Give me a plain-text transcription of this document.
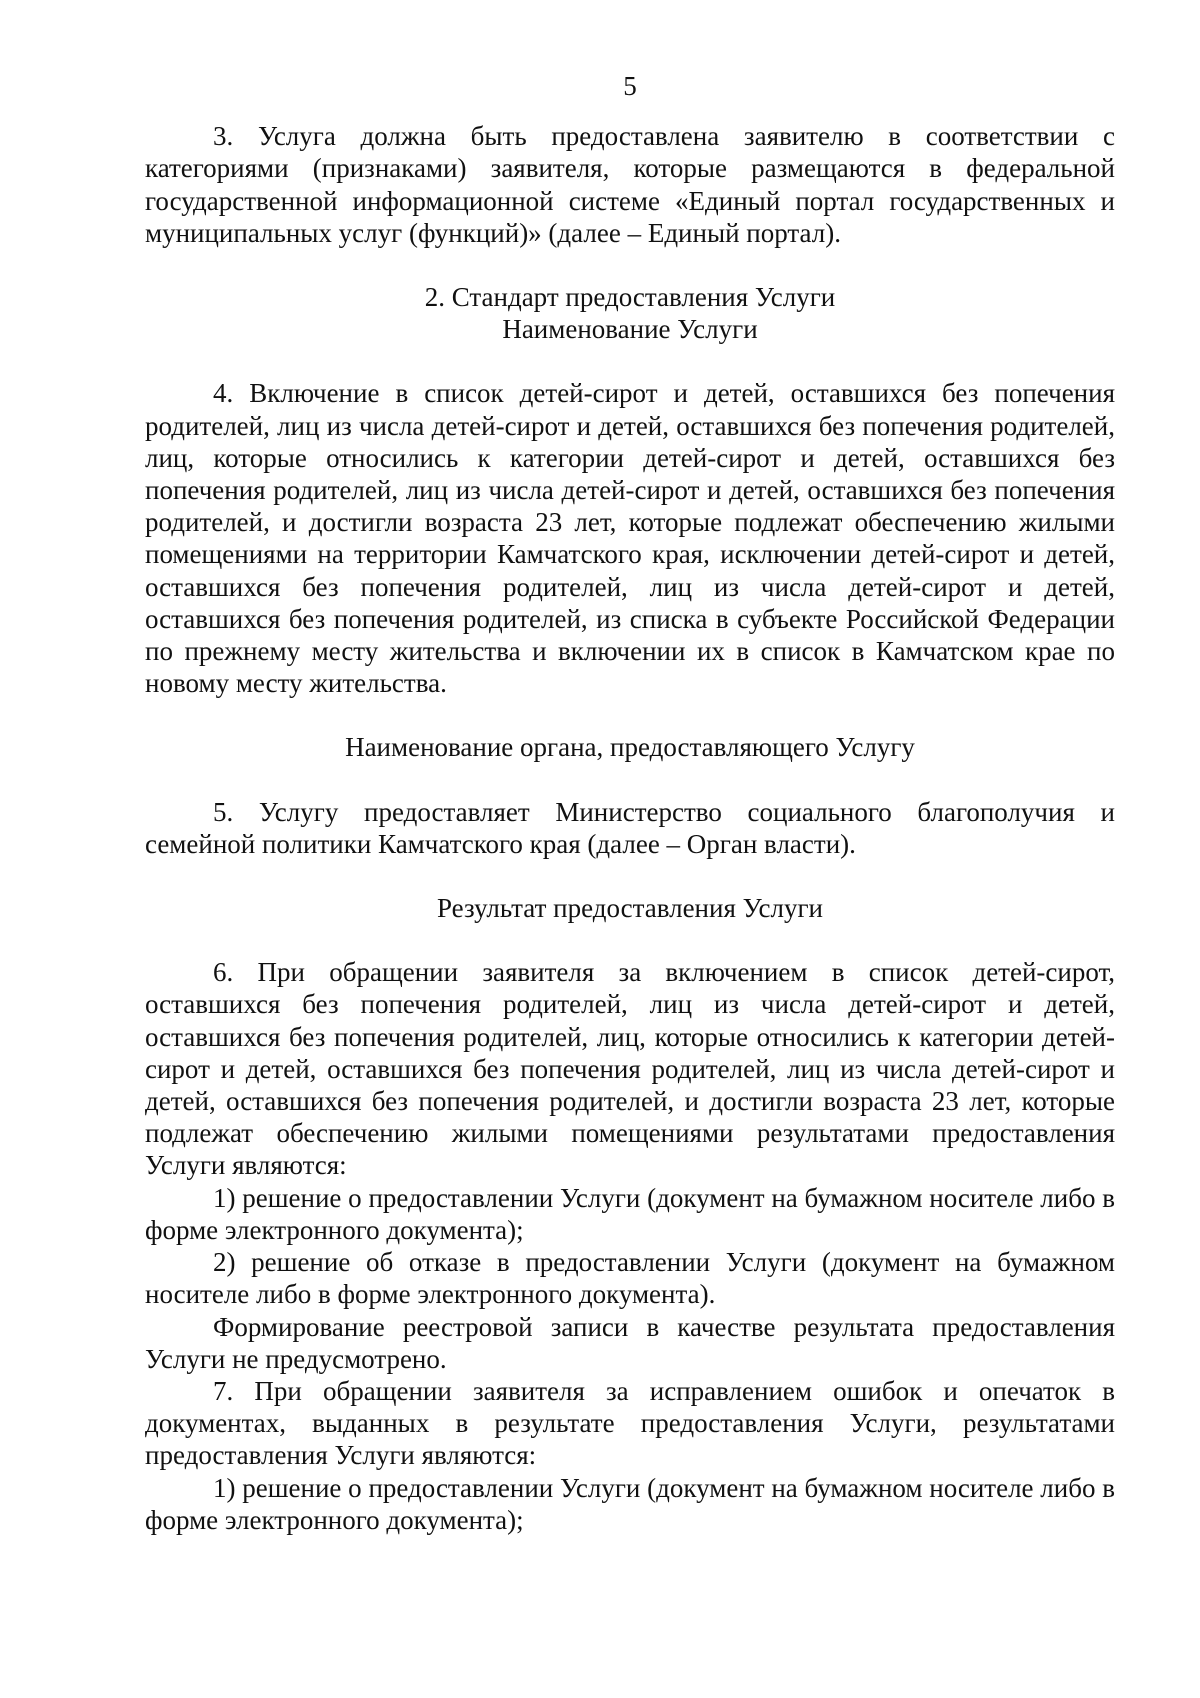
5

3. Услуга должна быть предоставлена заявителю в соответствии с категориями (признаками) заявителя, которые размещаются в федеральной государственной информационной системе «Единый портал государственных и муниципальных услуг (функций)» (далее – Единый портал).

2. Стандарт предоставления Услуги
Наименование Услуги

4. Включение в список детей-сирот и детей, оставшихся без попечения родителей, лиц из числа детей-сирот и детей, оставшихся без попечения родителей, лиц, которые относились к категории детей-сирот и детей, оставшихся без попечения родителей, лиц из числа детей-сирот и детей, оставшихся без попечения родителей, и достигли возраста 23 лет, которые подлежат обеспечению жилыми помещениями на территории Камчатского края, исключении детей-сирот и детей, оставшихся без попечения родителей, лиц из числа детей-сирот и детей, оставшихся без попечения родителей, из списка в субъекте Российской Федерации по прежнему месту жительства и включении их в список в Камчатском крае по новому месту жительства.

Наименование органа, предоставляющего Услугу

5. Услугу предоставляет Министерство социального благополучия и семейной политики Камчатского края (далее – Орган власти).

Результат предоставления Услуги

6. При обращении заявителя за включением в список детей-сирот, оставшихся без попечения родителей, лиц из числа детей-сирот и детей, оставшихся без попечения родителей, лиц, которые относились к категории детей-сирот и детей, оставшихся без попечения родителей, лиц из числа детей-сирот и детей, оставшихся без попечения родителей, и достигли возраста 23 лет, которые подлежат обеспечению жилыми помещениями результатами предоставления Услуги являются:

1) решение о предоставлении Услуги (документ на бумажном носителе либо в форме электронного документа);

2) решение об отказе в предоставлении Услуги (документ на бумажном носителе либо в форме электронного документа).

Формирование реестровой записи в качестве результата предоставления Услуги не предусмотрено.

7. При обращении заявителя за исправлением ошибок и опечаток в документах, выданных в результате предоставления Услуги, результатами предоставления Услуги являются:

1) решение о предоставлении Услуги (документ на бумажном носителе либо в форме электронного документа);
